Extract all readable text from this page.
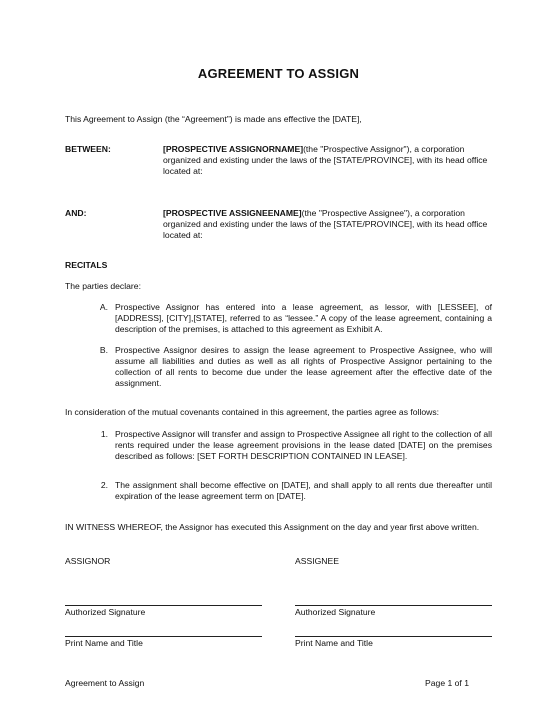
AGREEMENT TO ASSIGN
This Agreement to Assign (the “Agreement”) is made ans effective the [DATE],
BETWEEN:	[PROSPECTIVE ASSIGNORNAME](the "Prospective Assignor"), a corporation organized and existing under the laws of the [STATE/PROVINCE], with its head office located at:
AND:	[PROSPECTIVE ASSIGNEENAME](the "Prospective Assignee"), a corporation organized and existing under the laws of the [STATE/PROVINCE], with its head office located at:
RECITALS
The parties declare:
A. Prospective Assignor has entered into a lease agreement, as lessor, with [LESSEE], of [ADDRESS], [CITY],[STATE], referred to as “lessee.” A copy of the lease agreement, containing a description of the premises, is attached to this agreement as Exhibit A.
B. Prospective Assignor desires to assign the lease agreement to Prospective Assignee, who will assume all liabilities and duties as well as all rights of Prospective Assignor pertaining to the collection of all rents to become due under the lease agreement after the effective date of the assignment.
In consideration of the mutual covenants contained in this agreement, the parties agree as follows:
1. Prospective Assignor will transfer and assign to Prospective Assignee all right to the collection of all rents required under the lease agreement provisions in the lease dated [DATE] on the premises described as follows: [SET FORTH DESCRIPTION CONTAINED IN LEASE].
2. The assignment shall become effective on [DATE], and shall apply to all rents due thereafter until expiration of the lease agreement term on [DATE].
IN WITNESS WHEREOF, the Assignor has executed this Assignment on the day and year first above written.
ASSIGNOR	ASSIGNEE
Authorized Signature	Authorized Signature
Print Name and Title	Print Name and Title
Agreement to Assign	Page 1 of 1
